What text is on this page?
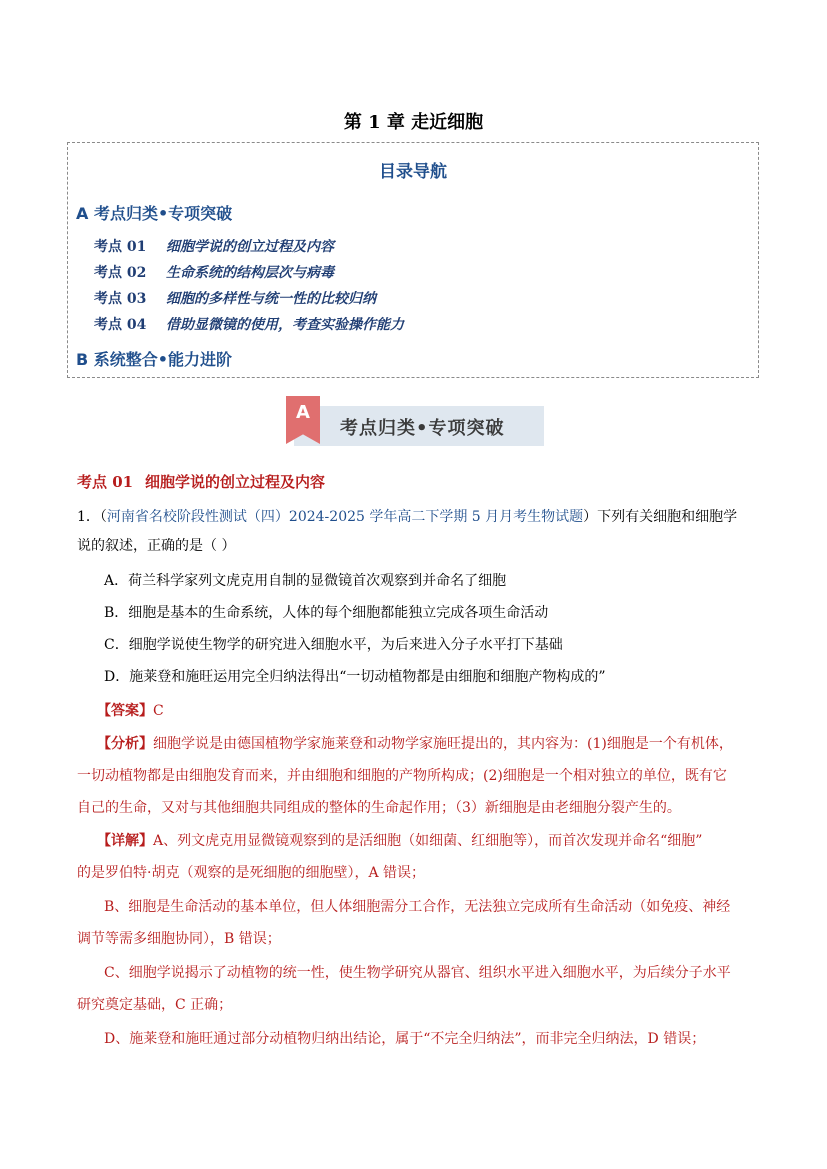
第 1 章 走近细胞
目录导航
A 考点归类•专项突破
考点 01 细胞学说的创立过程及内容
考点 02 生命系统的结构层次与病毒
考点 03 细胞的多样性与统一性的比较归纳
考点 04 借助显微镜的使用，考查实验操作能力
B 系统整合•能力进阶
A
考点归类•专项突破
考点 01 细胞学说的创立过程及内容
1．（河南省名校阶段性测试（四）2024-2025 学年高二下学期 5 月月考生物试题）下列有关细胞和细胞学
说的叙述，正确的是（ ）
A．荷兰科学家列文虎克用自制的显微镜首次观察到并命名了细胞
B．细胞是基本的生命系统，人体的每个细胞都能独立完成各项生命活动
C．细胞学说使生物学的研究进入细胞水平，为后来进入分子水平打下基础
D．施莱登和施旺运用完全归纳法得出“一切动植物都是由细胞和细胞产物构成的”
【答案】C
【分析】细胞学说是由德国植物学家施莱登和动物学家施旺提出的，其内容为：(1)细胞是一个有机体，
一切动植物都是由细胞发育而来，并由细胞和细胞的产物所构成；(2)细胞是一个相对独立的单位，既有它
自己的生命，又对与其他细胞共同组成的整体的生命起作用；（3）新细胞是由老细胞分裂产生的。
【详解】A、列文虎克用显微镜观察到的是活细胞（如细菌、红细胞等），而首次发现并命名“细胞”
的是罗伯特·胡克（观察的是死细胞的细胞壁），A 错误；
B、细胞是生命活动的基本单位，但人体细胞需分工合作，无法独立完成所有生命活动（如免疫、神经
调节等需多细胞协同），B 错误；
C、细胞学说揭示了动植物的统一性，使生物学研究从器官、组织水平进入细胞水平，为后续分子水平
研究奠定基础，C 正确；
D、施莱登和施旺通过部分动植物归纳出结论，属于“不完全归纳法”，而非完全归纳法，D 错误；
